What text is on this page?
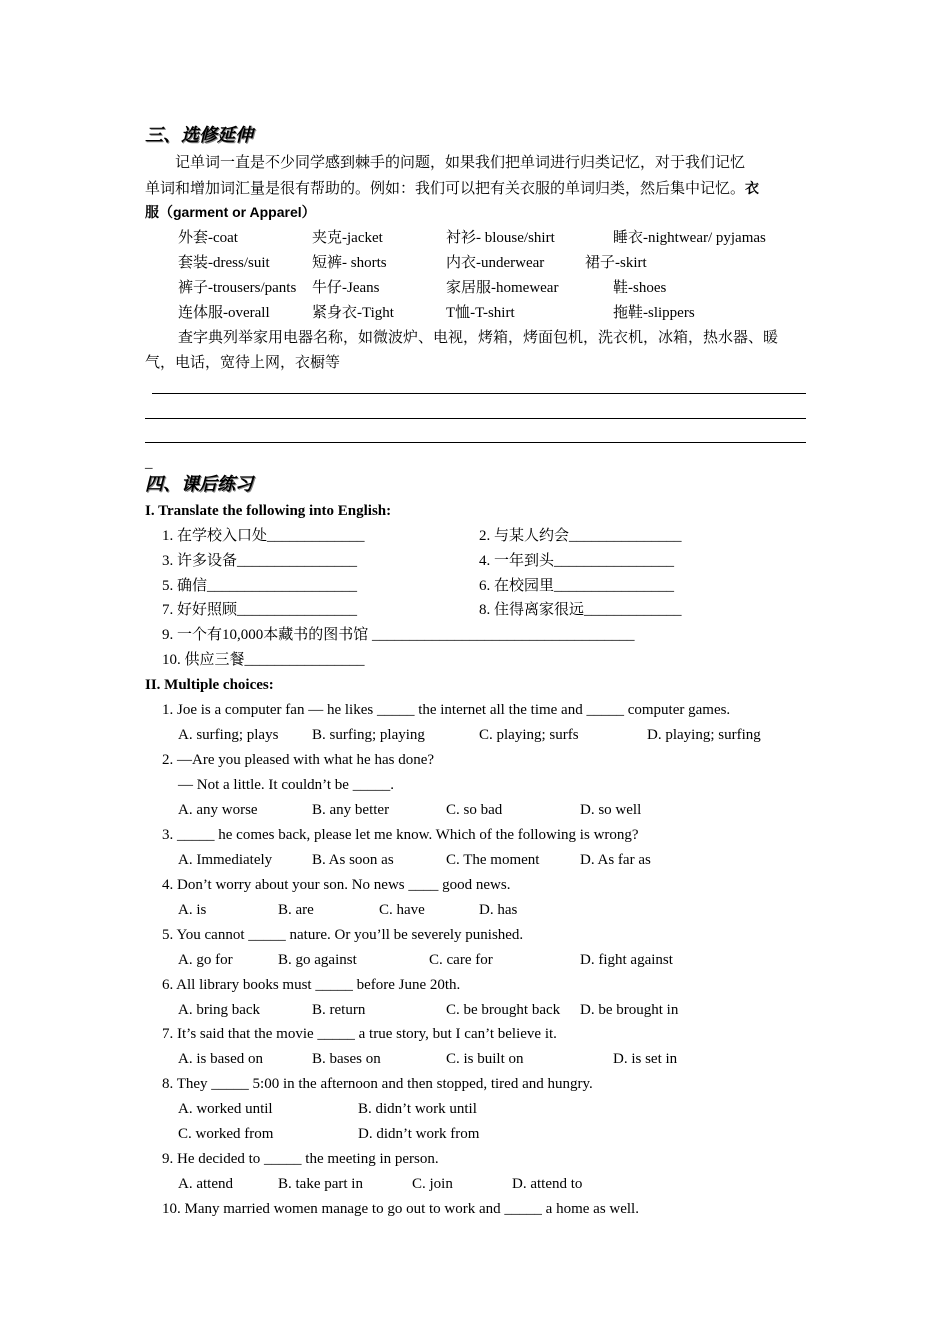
三、选修延伸
记单词一直是不少同学感到棘手的问题，如果我们把单词进行归类记忆，对于我们记忆
单词和增加词汇量是很有帮助的。例如：我们可以把有关衣服的单词归类，然后集中记忆。衣
服（garment or Apparel）
外套-coat	夹克-jacket	衬衫- blouse/shirt	睡衣-nightwear/ pyjamas
套装-dress/suit	短裤- shorts	内衣-underwear	裙子-skirt
裤子-trousers/pants 牛仔-Jeans	家居服-homewear	鞋-shoes
连体服-overall	紧身衣-Tight	T恤-T-shirt	拖鞋-slippers
查字典列举家用电器名称，如微波炉、电视，烤箱，烤面包机，洗衣机，冰箱，热水器、暖
气，电话，宽待上网，衣橱等
_
四、课后练习
I. Translate the following into English:
1. 在学校入口处_____________	2. 与某人约会_______________
3. 许多设备________________	4. 一年到头________________
5. 确信____________________	6. 在校园里________________
7. 好好照顾________________	8. 住得离家很远_____________
9. 一个有10,000本藏书的图书馆 ___________________________________
10. 供应三餐________________
II. Multiple choices:
1. Joe is a computer fan — he likes _____ the internet all the time and _____ computer games.
A. surfing; plays B. surfing; playing	C. playing; surfs	D. playing; surfing
2. —Are you pleased with what he has done?
— Not a little. It couldn’t be _____.
A. any worse	B. any better	C. so bad	D. so well
3. _____ he comes back, please let me know. Which of the following is wrong?
A. Immediately	B. As soon as	C. The moment	D. As far as
4. Don’t worry about your son. No news ____ good news.
A. is	B. are	C. have	D. has
5. You cannot _____ nature. Or you’ll be severely punished.
A. go for	B. go against	C. care for	D. fight against
6. All library books must _____ before June 20th.
A. bring back	B. return	C. be brought back D. be brought in
7. It’s said that the movie _____ a true story, but I can’t believe it.
A. is based on	B. bases on	C. is built on	D. is set in
8. They _____ 5:00 in the afternoon and then stopped, tired and hungry.
A. worked until	B. didn’t work until
C. worked from	D. didn’t work from
9. He decided to _____ the meeting in person.
A. attend	B. take part in	C. join	D. attend to
10. Many married women manage to go out to work and _____ a home as well.
